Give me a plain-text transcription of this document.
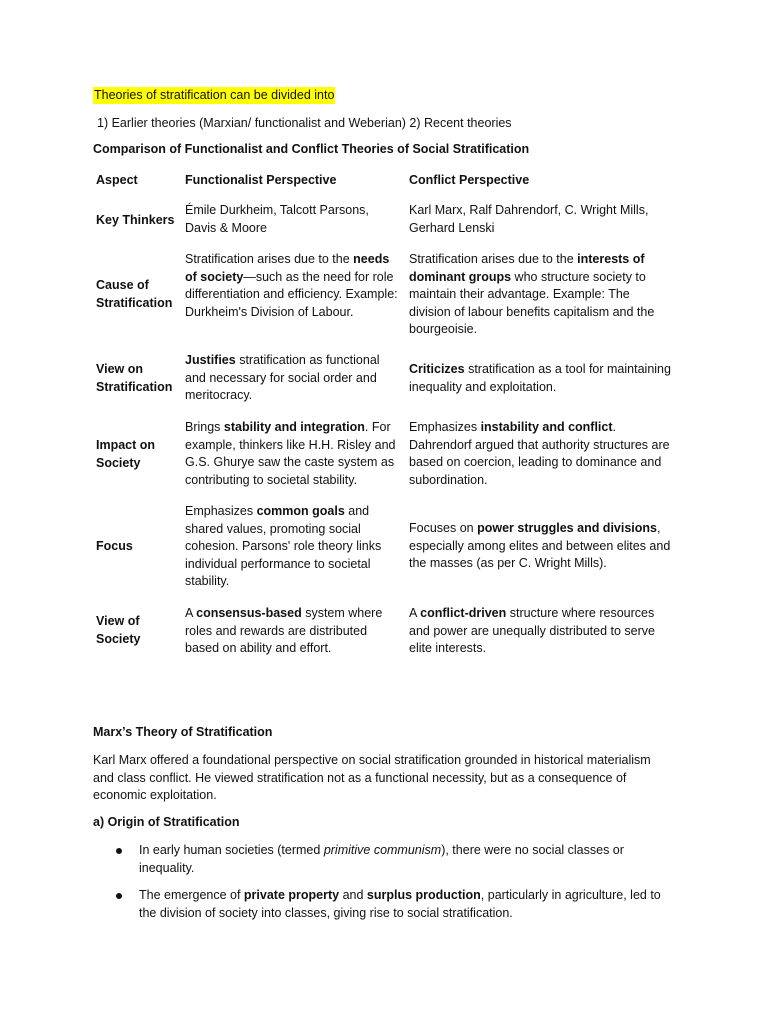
Theories of stratification can be divided into

1) Earlier theories (Marxian/ functionalist and Weberian) 2) Recent theories

Comparison of Functionalist and Conflict Theories of Social Stratification

Aspect	Functionalist Perspective	Conflict Perspective

Key Thinkers

Émile Durkheim, Talcott Parsons, Davis & Moore

Karl Marx, Ralf Dahrendorf, C. Wright Mills, Gerhard Lenski

Cause of Stratification

Stratification arises due to the needs of society—such as the need for role differentiation and efficiency. Example: Durkheim's Division of Labour.

Stratification arises due to the interests of dominant groups who structure society to maintain their advantage. Example: The division of labour benefits capitalism and the bourgeoisie.

View on Stratification

Justifies stratification as functional and necessary for social order and meritocracy.

Criticizes stratification as a tool for maintaining inequality and exploitation.

Impact on Society

Brings stability and integration. For example, thinkers like H.H. Risley and G.S. Ghurye saw the caste system as contributing to societal stability.

Emphasizes instability and conflict. Dahrendorf argued that authority structures are based on coercion, leading to dominance and subordination.

Focus

Emphasizes common goals and shared values, promoting social cohesion. Parsons' role theory links individual performance to societal stability.

Focuses on power struggles and divisions, especially among elites and between elites and the masses (as per C. Wright Mills).

View of Society

A consensus-based system where roles and rewards are distributed based on ability and effort.

A conflict-driven structure where resources and power are unequally distributed to serve elite interests.

Marx’s Theory of Stratification

Karl Marx offered a foundational perspective on social stratification grounded in historical materialism and class conflict. He viewed stratification not as a functional necessity, but as a consequence of economic exploitation.

a) Origin of Stratification

In early human societies (termed primitive communism), there were no social classes or inequality.

The emergence of private property and surplus production, particularly in agriculture, led to the division of society into classes, giving rise to social stratification.
